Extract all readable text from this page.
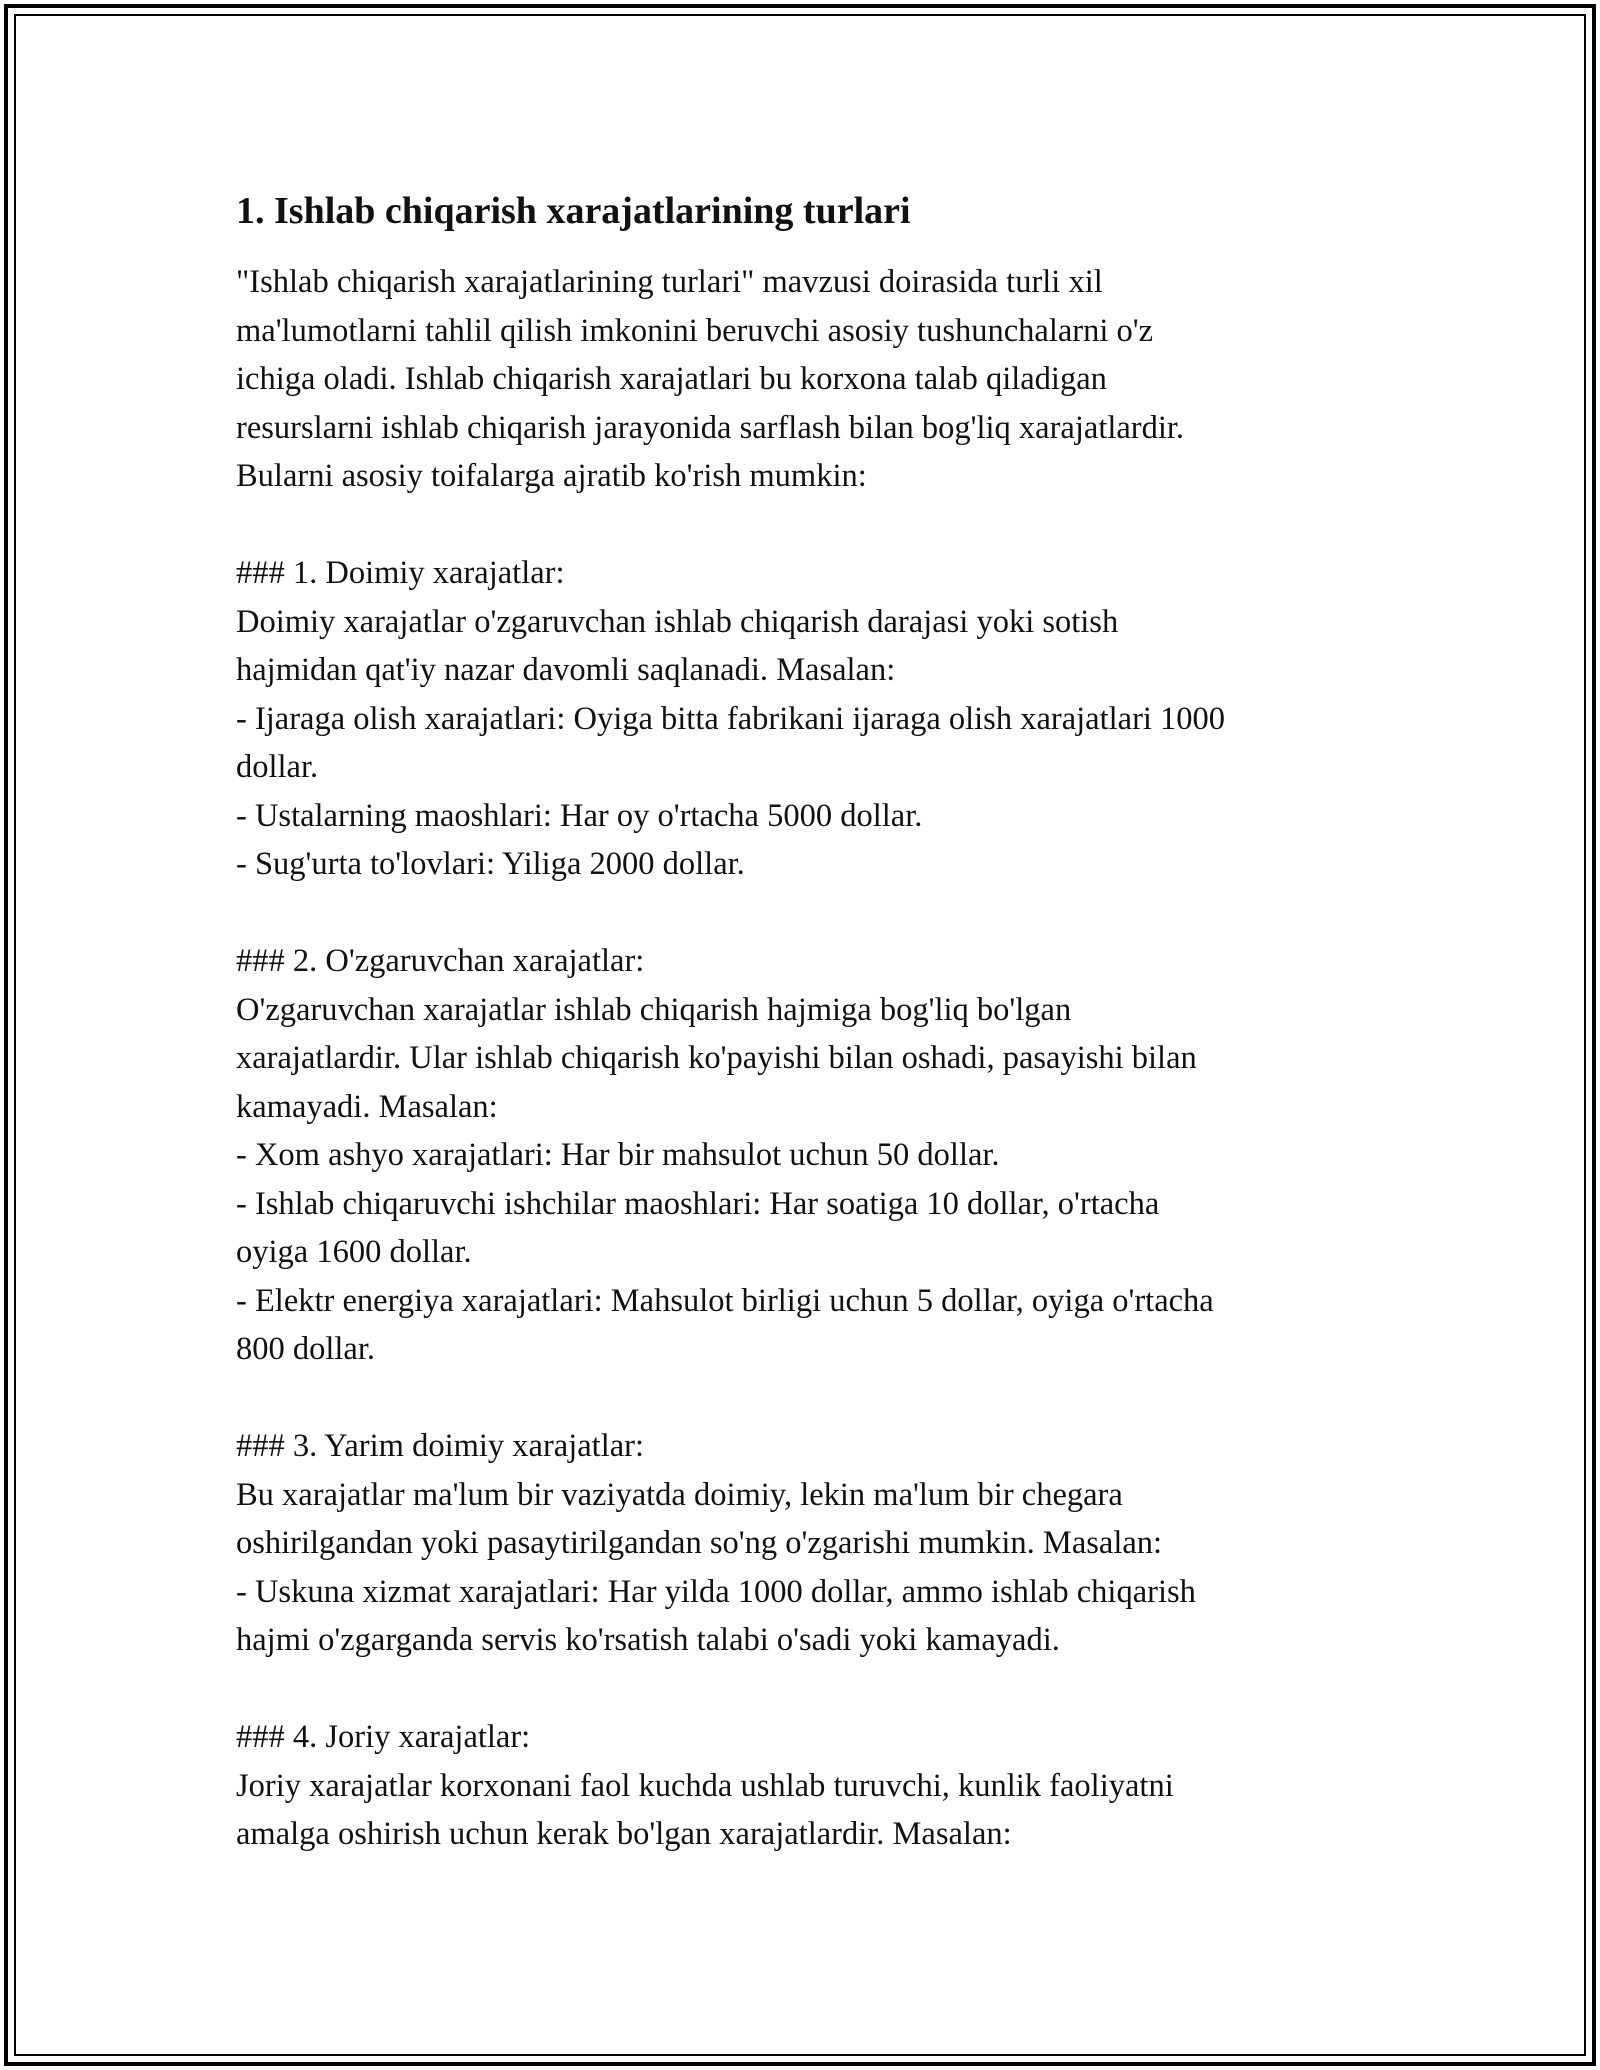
1. Ishlab chiqarish xarajatlarining turlari
"Ishlab chiqarish xarajatlarining turlari" mavzusi doirasida turli xil
ma'lumotlarni tahlil qilish imkonini beruvchi asosiy tushunchalarni o'z
ichiga oladi. Ishlab chiqarish xarajatlari bu korxona talab qiladigan
resurslarni ishlab chiqarish jarayonida sarflash bilan bog'liq xarajatlardir.
Bularni asosiy toifalarga ajratib ko'rish mumkin:
### 1. Doimiy xarajatlar:
Doimiy xarajatlar o'zgaruvchan ishlab chiqarish darajasi yoki sotish
hajmidan qat'iy nazar davomli saqlanadi. Masalan:
- Ijaraga olish xarajatlari: Oyiga bitta fabrikani ijaraga olish xarajatlari 1000
dollar.
- Ustalarning maoshlari: Har oy o'rtacha 5000 dollar.
- Sug'urta to'lovlari: Yiliga 2000 dollar.
### 2. O'zgaruvchan xarajatlar:
O'zgaruvchan xarajatlar ishlab chiqarish hajmiga bog'liq bo'lgan
xarajatlardir. Ular ishlab chiqarish ko'payishi bilan oshadi, pasayishi bilan
kamayadi. Masalan:
- Xom ashyo xarajatlari: Har bir mahsulot uchun 50 dollar.
- Ishlab chiqaruvchi ishchilar maoshlari: Har soatiga 10 dollar, o'rtacha
oyiga 1600 dollar.
- Elektr energiya xarajatlari: Mahsulot birligi uchun 5 dollar, oyiga o'rtacha
800 dollar.
### 3. Yarim doimiy xarajatlar:
Bu xarajatlar ma'lum bir vaziyatda doimiy, lekin ma'lum bir chegara
oshirilgandan yoki pasaytirilgandan so'ng o'zgarishi mumkin. Masalan:
- Uskuna xizmat xarajatlari: Har yilda 1000 dollar, ammo ishlab chiqarish
hajmi o'zgarganda servis ko'rsatish talabi o'sadi yoki kamayadi.
### 4. Joriy xarajatlar:
Joriy xarajatlar korxonani faol kuchda ushlab turuvchi, kunlik faoliyatni
amalga oshirish uchun kerak bo'lgan xarajatlardir. Masalan:
